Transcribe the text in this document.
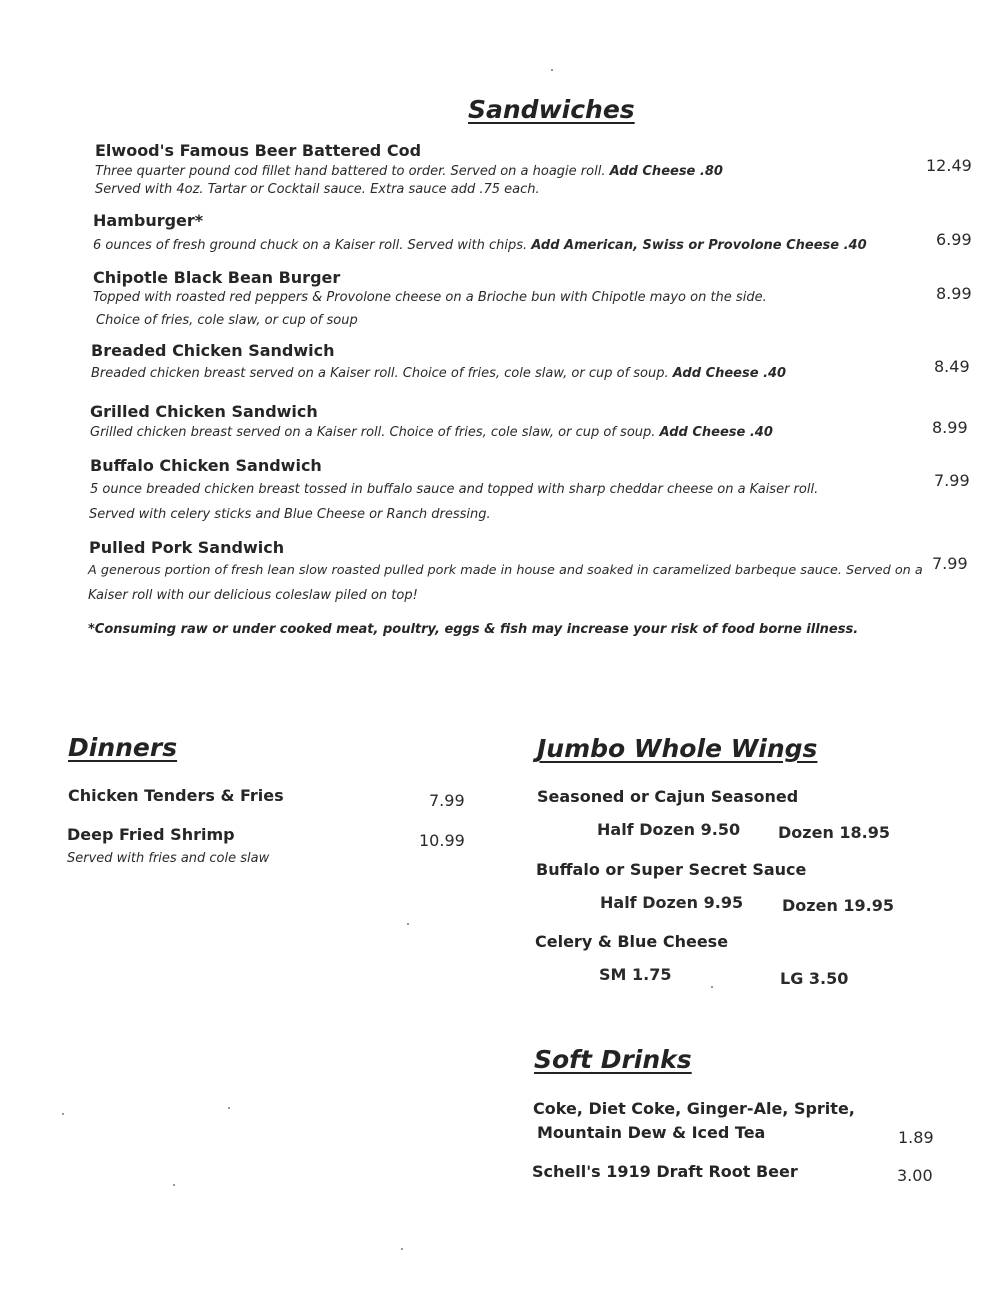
Sandwiches
Elwood's Famous Beer Battered Cod
Three quarter pound cod fillet hand battered to order. Served on a hoagie roll. Add Cheese .80
Served with 4oz. Tartar or Cocktail sauce. Extra sauce add .75 each.
12.49
Hamburger*
6 ounces of fresh ground chuck on a Kaiser roll. Served with chips. Add American, Swiss or Provolone Cheese .40	6.99
Chipotle Black Bean Burger
Topped with roasted red peppers & Provolone cheese on a Brioche bun with Chipotle mayo on the side.
Choice of fries, cole slaw, or cup of soup
8.99
Breaded Chicken Sandwich
Breaded chicken breast served on a Kaiser roll. Choice of fries, cole slaw, or cup of soup. Add Cheese .40	8.49
Grilled Chicken Sandwich
Grilled chicken breast served on a Kaiser roll. Choice of fries, cole slaw, or cup of soup. Add Cheese .40	8.99
Buffalo Chicken Sandwich
5 ounce breaded chicken breast tossed in buffalo sauce and topped with sharp cheddar cheese on a Kaiser roll.
Served with celery sticks and Blue Cheese or Ranch dressing.
7.99
Pulled Pork Sandwich
A generous portion of fresh lean slow roasted pulled pork made in house and soaked in caramelized barbeque sauce. Served on a
Kaiser roll with our delicious coleslaw piled on top!
7.99
*Consuming raw or under cooked meat, poultry, eggs & fish may increase your risk of food borne illness.
Dinners
Chicken Tenders & Fries	7.99
Deep Fried Shrimp	10.99
Served with fries and cole slaw
Jumbo Whole Wings
Seasoned or Cajun Seasoned
Half Dozen 9.50 Dozen 18.95
Buffalo or Super Secret Sauce
Half Dozen 9.95 Dozen 19.95
Celery & Blue Cheese
SM 1.75	LG 3.50
Soft Drinks
Coke, Diet Coke, Ginger-Ale, Sprite,
Mountain Dew & Iced Tea	1.89
Schell's 1919 Draft Root Beer	3.00
